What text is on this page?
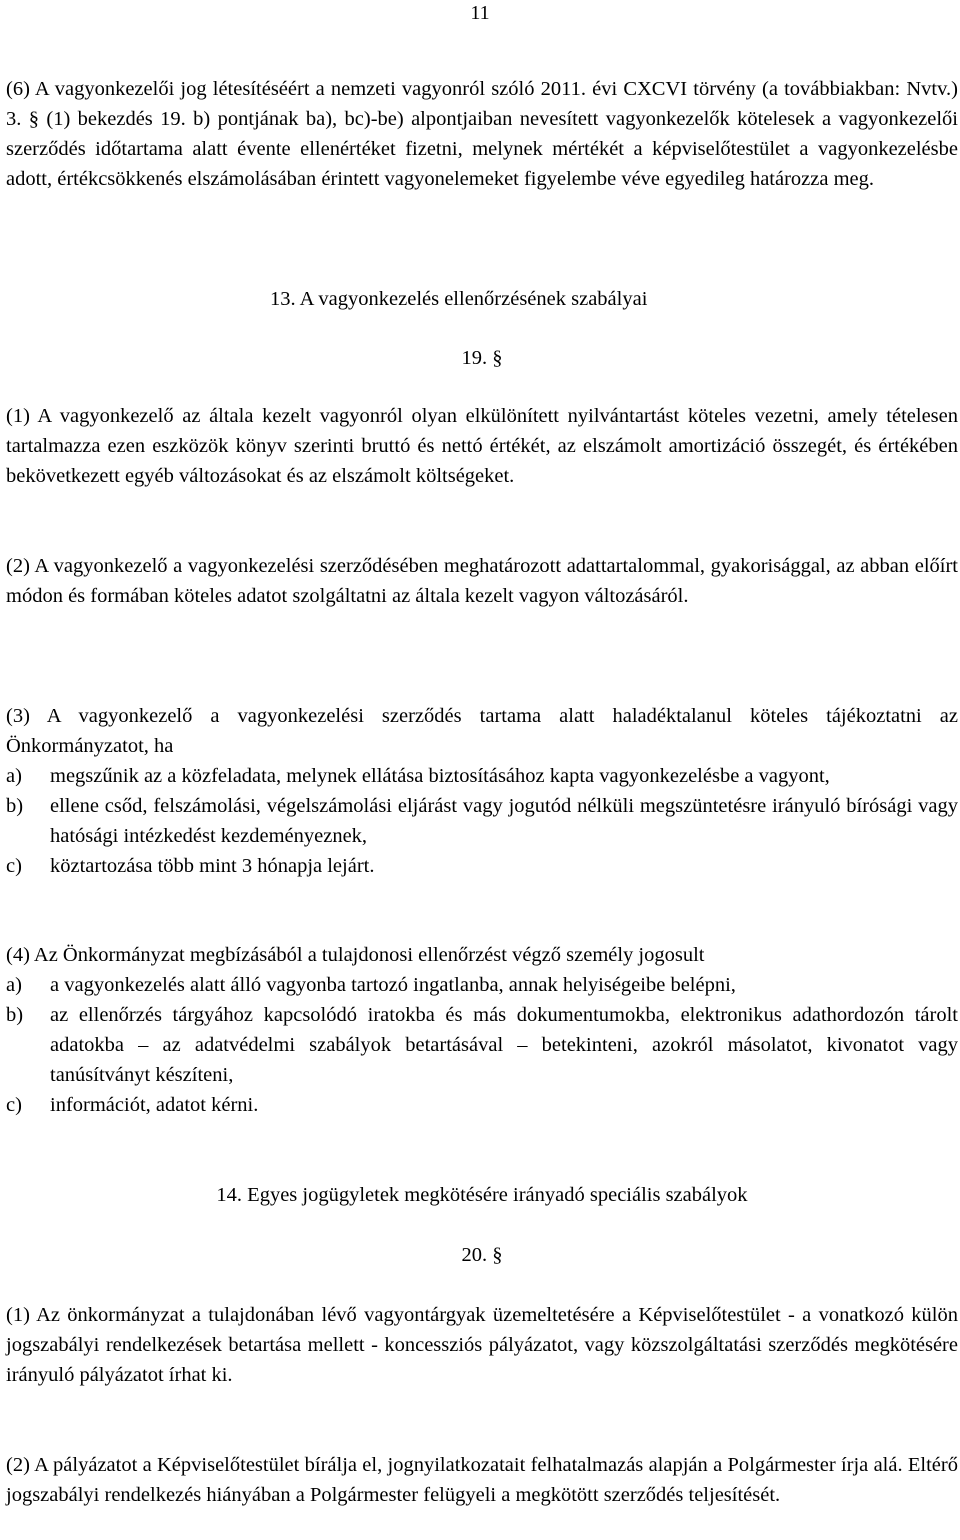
11

(6) A vagyonkezelői jog létesítéséért a nemzeti vagyonról szóló 2011. évi CXCVI törvény (a továbbiakban: Nvtv.) 3. § (1) bekezdés 19. b) pontjának ba), bc)-be) alpontjaiban nevesített vagyonkezelők kötelesek a vagyonkezelői szerződés időtartama alatt évente ellenértéket fizetni, melynek mértékét a képviselőtestület a vagyonkezelésbe adott, értékcsökkenés elszámolásában érintett vagyonelemeket figyelembe véve egyedileg határozza meg.

13. A vagyonkezelés ellenőrzésének szabályai
19. §

(1) A vagyonkezelő az általa kezelt vagyonról olyan elkülönített nyilvántartást köteles vezetni, amely tételesen tartalmazza ezen eszközök könyv szerinti bruttó és nettó értékét, az elszámolt amortizáció összegét, és értékében bekövetkezett egyéb változásokat és az elszámolt költségeket.

(2) A vagyonkezelő a vagyonkezelési szerződésében meghatározott adattartalommal, gyakorisággal, az abban előírt módon és formában köteles adatot szolgáltatni az általa kezelt vagyon változásáról.

(3) A vagyonkezelő a vagyonkezelési szerződés tartama alatt haladéktalanul köteles tájékoztatni az Önkormányzatot, ha

a)	megszűnik az a közfeladata, melynek ellátása biztosításához kapta vagyonkezelésbe a vagyont,
b)	ellene csőd, felszámolási, végelszámolási eljárást vagy jogutód nélküli megszüntetésre irányuló bírósági vagy hatósági intézkedést kezdeményeznek,
c)	köztartozása több mint 3 hónapja lejárt.

(4) Az Önkormányzat megbízásából a tulajdonosi ellenőrzést végző személy jogosult

a)	a vagyonkezelés alatt álló vagyonba tartozó ingatlanba, annak helyiségeibe belépni,
b)	az ellenőrzés tárgyához kapcsolódó iratokba és más dokumentumokba, elektronikus adathordozón tárolt adatokba – az adatvédelmi szabályok betartásával – betekinteni, azokról másolatot, kivonatot vagy tanúsítványt készíteni,
c)	információt, adatot kérni.
14. Egyes jogügyletek megkötésére irányadó speciális szabályok
20. §

(1) Az önkormányzat a tulajdonában lévő vagyontárgyak üzemeltetésére a Képviselőtestület - a vonatkozó külön jogszabályi rendelkezések betartása mellett - koncessziós pályázatot, vagy közszolgáltatási szerződés megkötésére irányuló pályázatot írhat ki.

(2) A pályázatot a Képviselőtestület bírálja el, jognyilatkozatait felhatalmazás alapján a Polgármester írja alá. Eltérő jogszabályi rendelkezés hiányában a Polgármester felügyeli a megkötött szerződés teljesítését.
